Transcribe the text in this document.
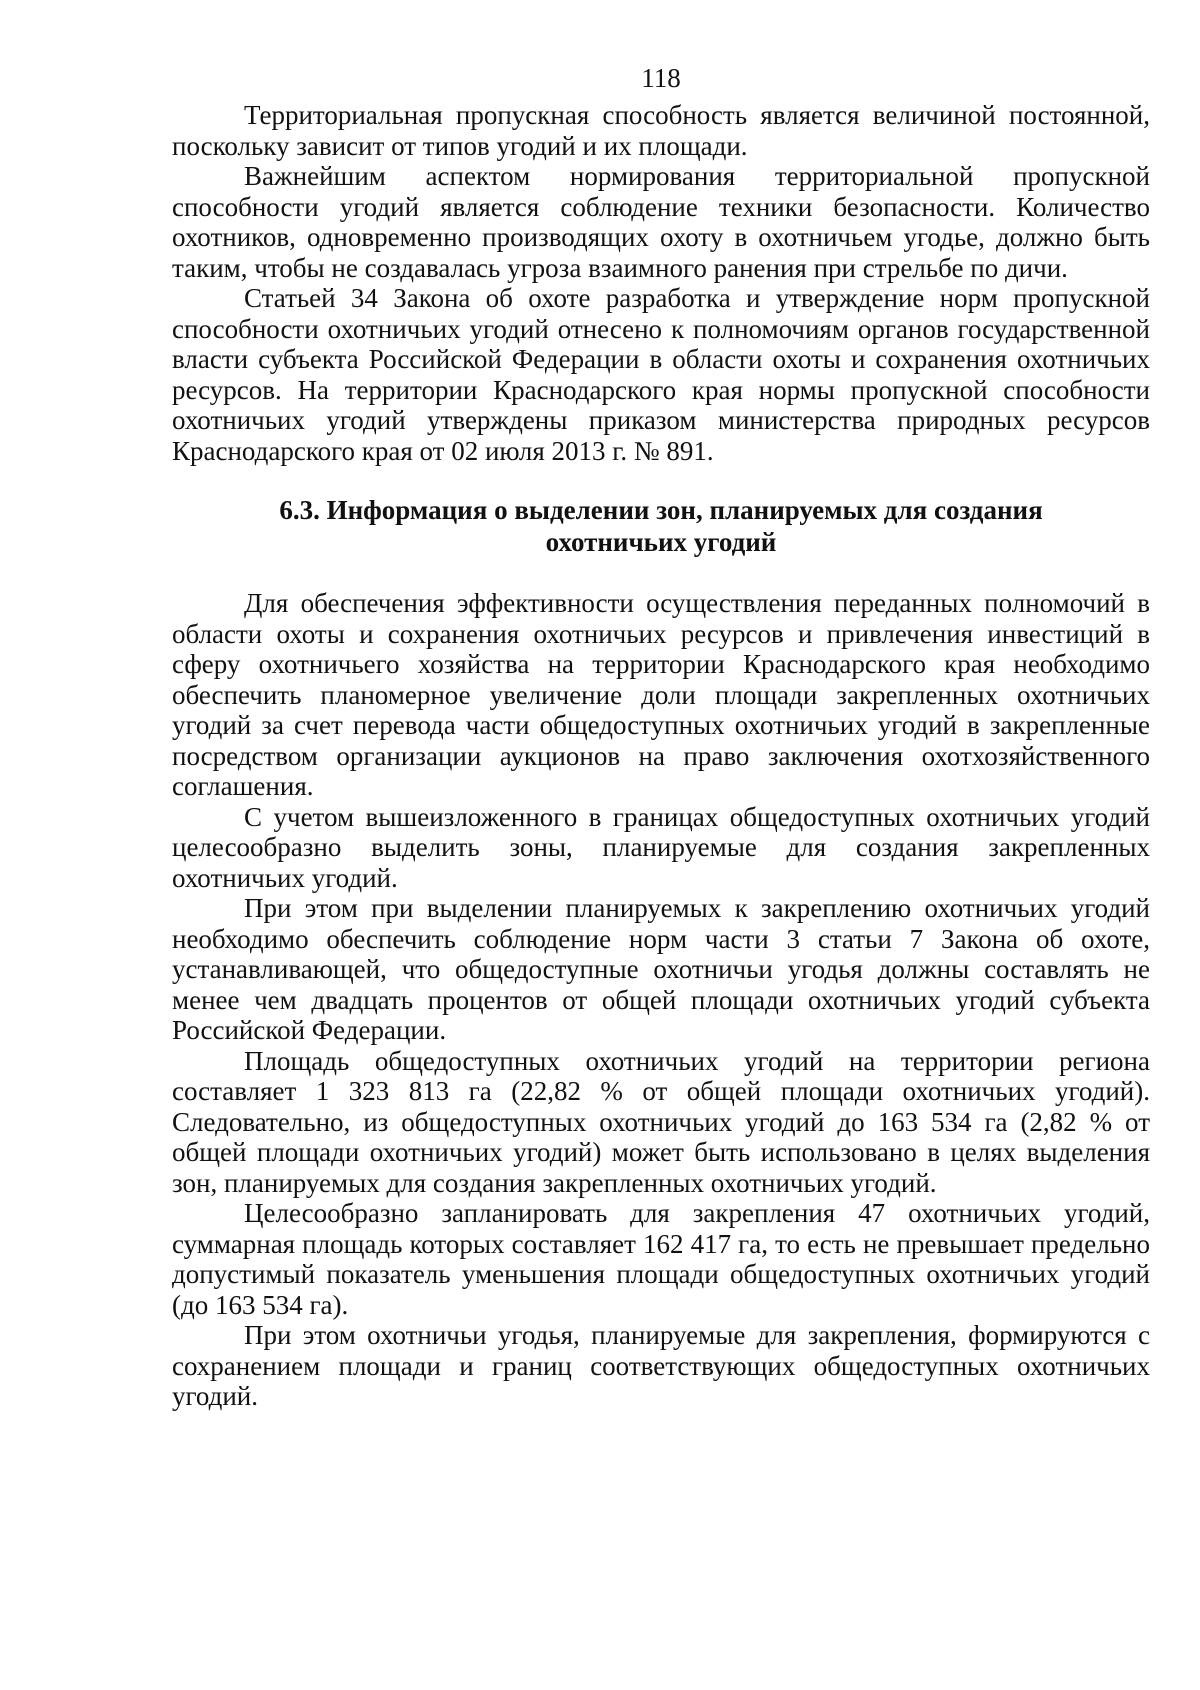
118

Территориальная пропускная способность является величиной постоянной, поскольку зависит от типов угодий и их площади.

Важнейшим аспектом нормирования территориальной пропускной способности угодий является соблюдение техники безопасности. Количество охотников, одновременно производящих охоту в охотничьем угодье, должно быть таким, чтобы не создавалась угроза взаимного ранения при стрельбе по дичи.

Статьей 34 Закона об охоте разработка и утверждение норм пропускной способности охотничьих угодий отнесено к полномочиям органов государственной власти субъекта Российской Федерации в области охоты и сохранения охотничьих ресурсов. На территории Краснодарского края нормы пропускной способности охотничьих угодий утверждены приказом министерства природных ресурсов Краснодарского края от 02 июля 2013 г. № 891.

6.3. Информация о выделении зон, планируемых для создания
охотничьих угодий

Для обеспечения эффективности осуществления переданных полномочий в области охоты и сохранения охотничьих ресурсов и привлечения инвестиций в сферу охотничьего хозяйства на территории Краснодарского края необходимо обеспечить планомерное увеличение доли площади закрепленных охотничьих угодий за счет перевода части общедоступных охотничьих угодий в закрепленные посредством организации аукционов на право заключения охотхозяйственного соглашения.

С учетом вышеизложенного в границах общедоступных охотничьих угодий целесообразно выделить зоны, планируемые для создания закрепленных охотничьих угодий.

При этом при выделении планируемых к закреплению охотничьих угодий необходимо обеспечить соблюдение норм части 3 статьи 7 Закона об охоте, устанавливающей, что общедоступные охотничьи угодья должны составлять не менее чем двадцать процентов от общей площади охотничьих угодий субъекта Российской Федерации.

Площадь общедоступных охотничьих угодий на территории региона составляет 1 323 813 га (22,82 % от общей площади охотничьих угодий). Следовательно, из общедоступных охотничьих угодий до 163 534 га (2,82 % от общей площади охотничьих угодий) может быть использовано в целях выделения зон, планируемых для создания закрепленных охотничьих угодий.

Целесообразно запланировать для закрепления 47 охотничьих угодий, суммарная площадь которых составляет 162 417 га, то есть не превышает предельно допустимый показатель уменьшения площади общедоступных охотничьих угодий (до 163 534 га).

При этом охотничьи угодья, планируемые для закрепления, формируются с сохранением площади и границ соответствующих общедоступных охотничьих угодий.
